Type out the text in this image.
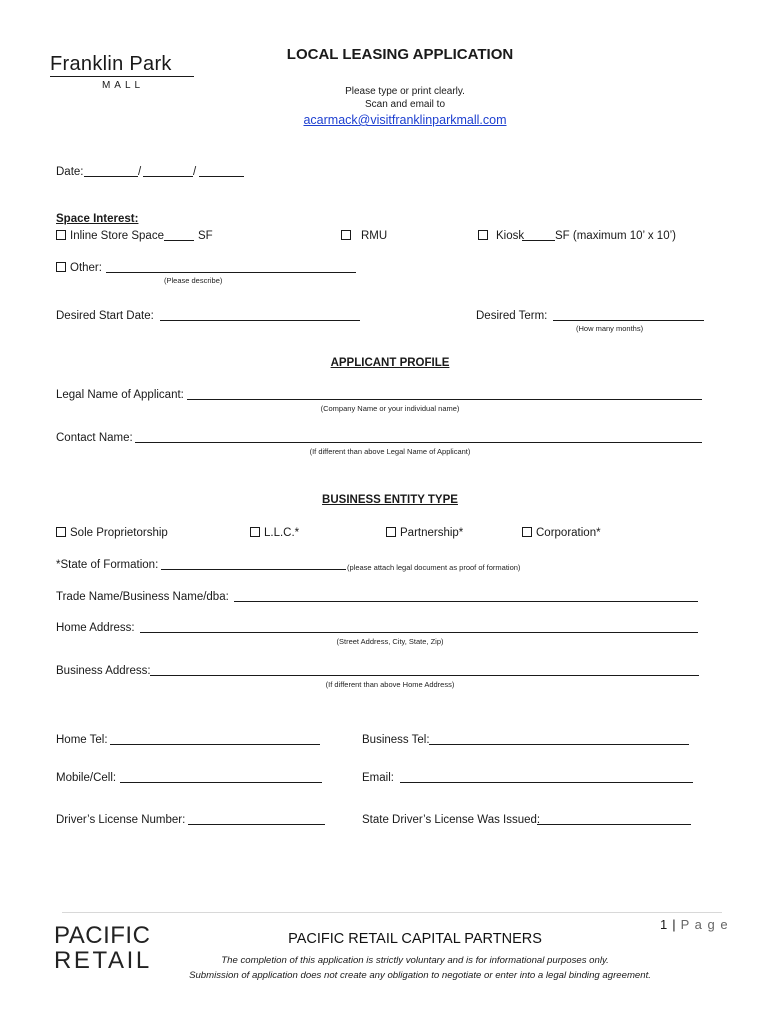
Franklin Park
MALL
LOCAL LEASING APPLICATION
Please type or print clearly.
Scan and email to
acarmack@visitfranklinparkmall.com
Date:	/	/
Space Interest:
Inline Store Space	SF	RMU	Kiosk	SF (maximum 10’ x 10’)
Other:
(Please describe)
Desired Start Date:	Desired Term:
(How many months)
APPLICANT PROFILE
Legal Name of Applicant:
(Company Name or your individual name)
Contact Name:
(If different than above Legal Name of Applicant)
BUSINESS ENTITY TYPE
Sole Proprietorship	L.L.C.*	Partnership*	Corporation*
*State of Formation:	(please attach legal document as proof of formation)
Trade Name/Business Name/dba:
Home Address:
(Street Address, City, State, Zip)
Business Address:
(If different than above Home Address)
Home Tel:	Business Tel:
Mobile/Cell:	Email:
Driver’s License Number:	State Driver’s License Was Issued:
1 | P a g e
PACIFIC
RETAIL
PACIFIC RETAIL CAPITAL PARTNERS
The completion of this application is strictly voluntary and is for informational purposes only.
Submission of application does not create any obligation to negotiate or enter into a legal binding agreement.
